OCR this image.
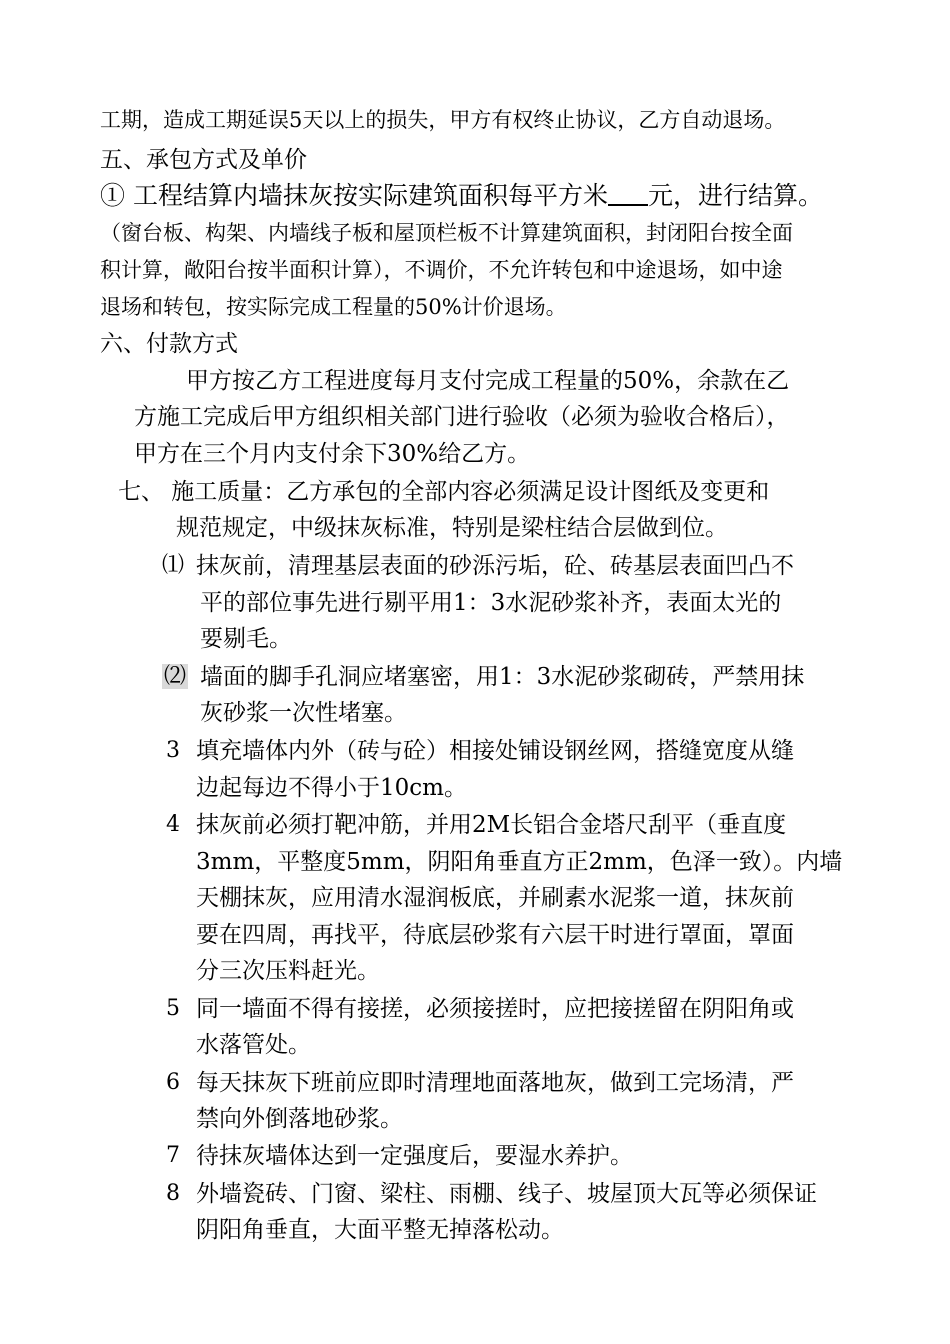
工期，造成工期延误5天以上的损失，甲方有权终止协议，乙方自动退场。
五、承包方式及单价
① 工程结算内墙抹灰按实际建筑面积每平方米 元，进行结算。
（窗台板、构架、内墙线子板和屋顶栏板不计算建筑面积，封闭阳台按全面
积计算，敞阳台按半面积计算），不调价，不允许转包和中途退场，如中途
退场和转包，按实际完成工程量的50%计价退场。
六、付款方式
甲方按乙方工程进度每月支付完成工程量的50%，余款在乙
方施工完成后甲方组织相关部门进行验收（必须为验收合格后），
甲方在三个月内支付余下30%给乙方。
七、 施工质量：乙方承包的全部内容必须满足设计图纸及变更和
规范规定，中级抹灰标准，特别是梁柱结合层做到位。
⑴ 抹灰前，清理基层表面的砂泺污垢，砼、砖基层表面凹凸不
平的部位事先进行剔平用1：3水泥砂浆补齐，表面太光的
要剔毛。
⑵ 墙面的脚手孔洞应堵塞密，用1：3水泥砂浆砌砖，严禁用抹
灰砂浆一次性堵塞。
3 填充墙体内外（砖与砼）相接处铺设钢丝网，搭缝宽度从缝
边起每边不得小于10cm。
4 抹灰前必须打靶冲筋，并用2M长铝合金塔尺刮平（垂直度
3mm，平整度5mm，阴阳角垂直方正2mm，色泽一致）。内墙
天棚抹灰，应用清水湿润板底，并刷素水泥浆一道，抹灰前
要在四周，再找平，待底层砂浆有六层干时进行罩面，罩面
分三次压料赶光。
5 同一墙面不得有接搓，必须接搓时，应把接搓留在阴阳角或
水落管处。
6 每天抹灰下班前应即时清理地面落地灰，做到工完场清，严
禁向外倒落地砂浆。
7 待抹灰墙体达到一定强度后，要湿水养护。
8 外墙瓷砖、门窗、梁柱、雨棚、线子、坡屋顶大瓦等必须保证
阴阳角垂直，大面平整无掉落松动。
